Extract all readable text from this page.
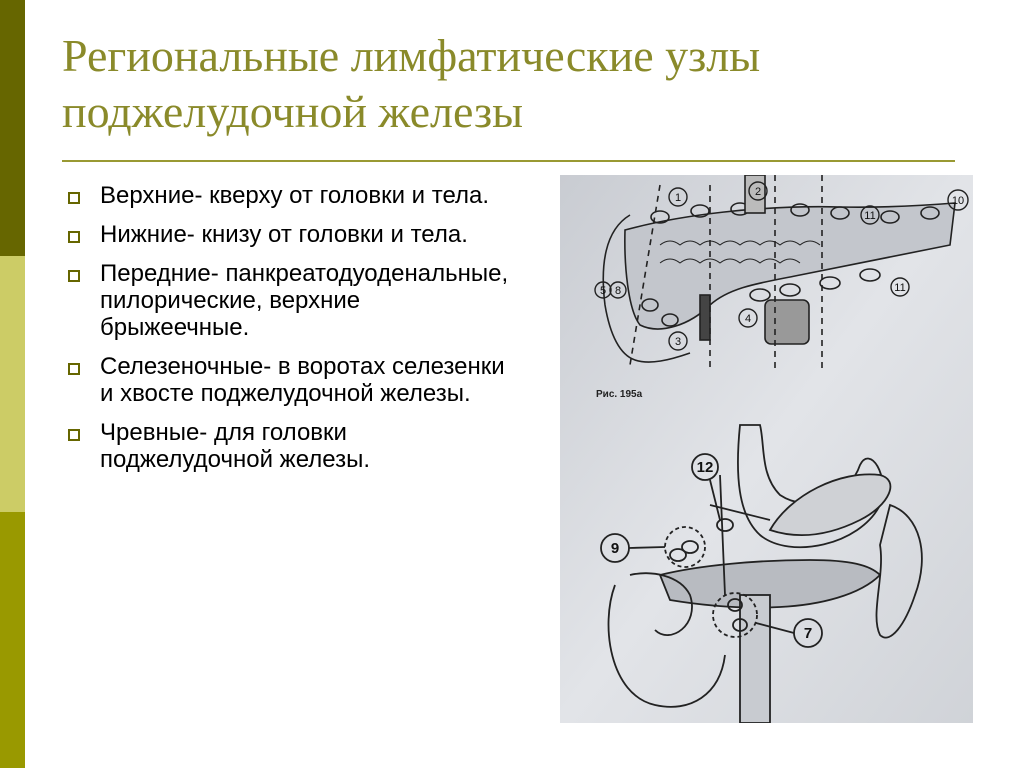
Региональные лимфатические узлы поджелудочной железы
Верхние- кверху от головки и тела.
Нижние- книзу от головки и тела.
Передние- панкреатодуоденальные, пилорические, верхние брыжеечные.
Селезеночные- в воротах селезенки и хвосте поджелудочной железы.
Чревные- для головки поджелудочной железы.
1	2
3
4
5 8
10
11
11
Рис. 195а
12
9
7
